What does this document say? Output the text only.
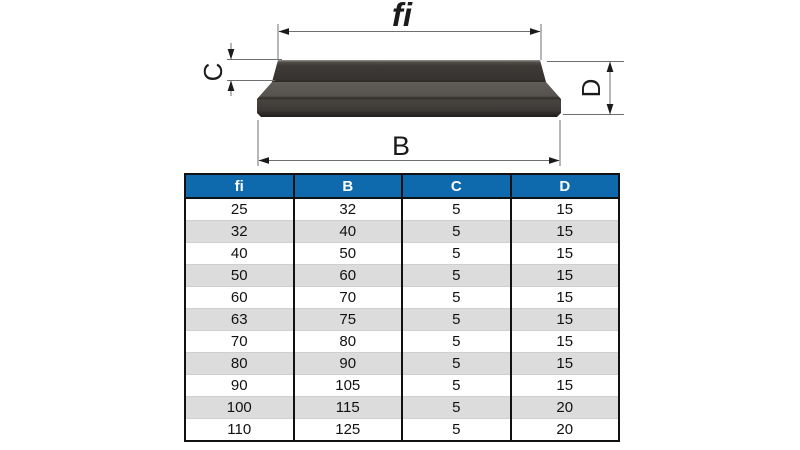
fi
C
D
B
fi	B	C	D
25	32	5	15
32	40	5	15
40	50	5	15
50	60	5	15
60	70	5	15
63	75	5	15
70	80	5	15
80	90	5	15
90	105	5	15
100	115	5	20
110	125	5	20
